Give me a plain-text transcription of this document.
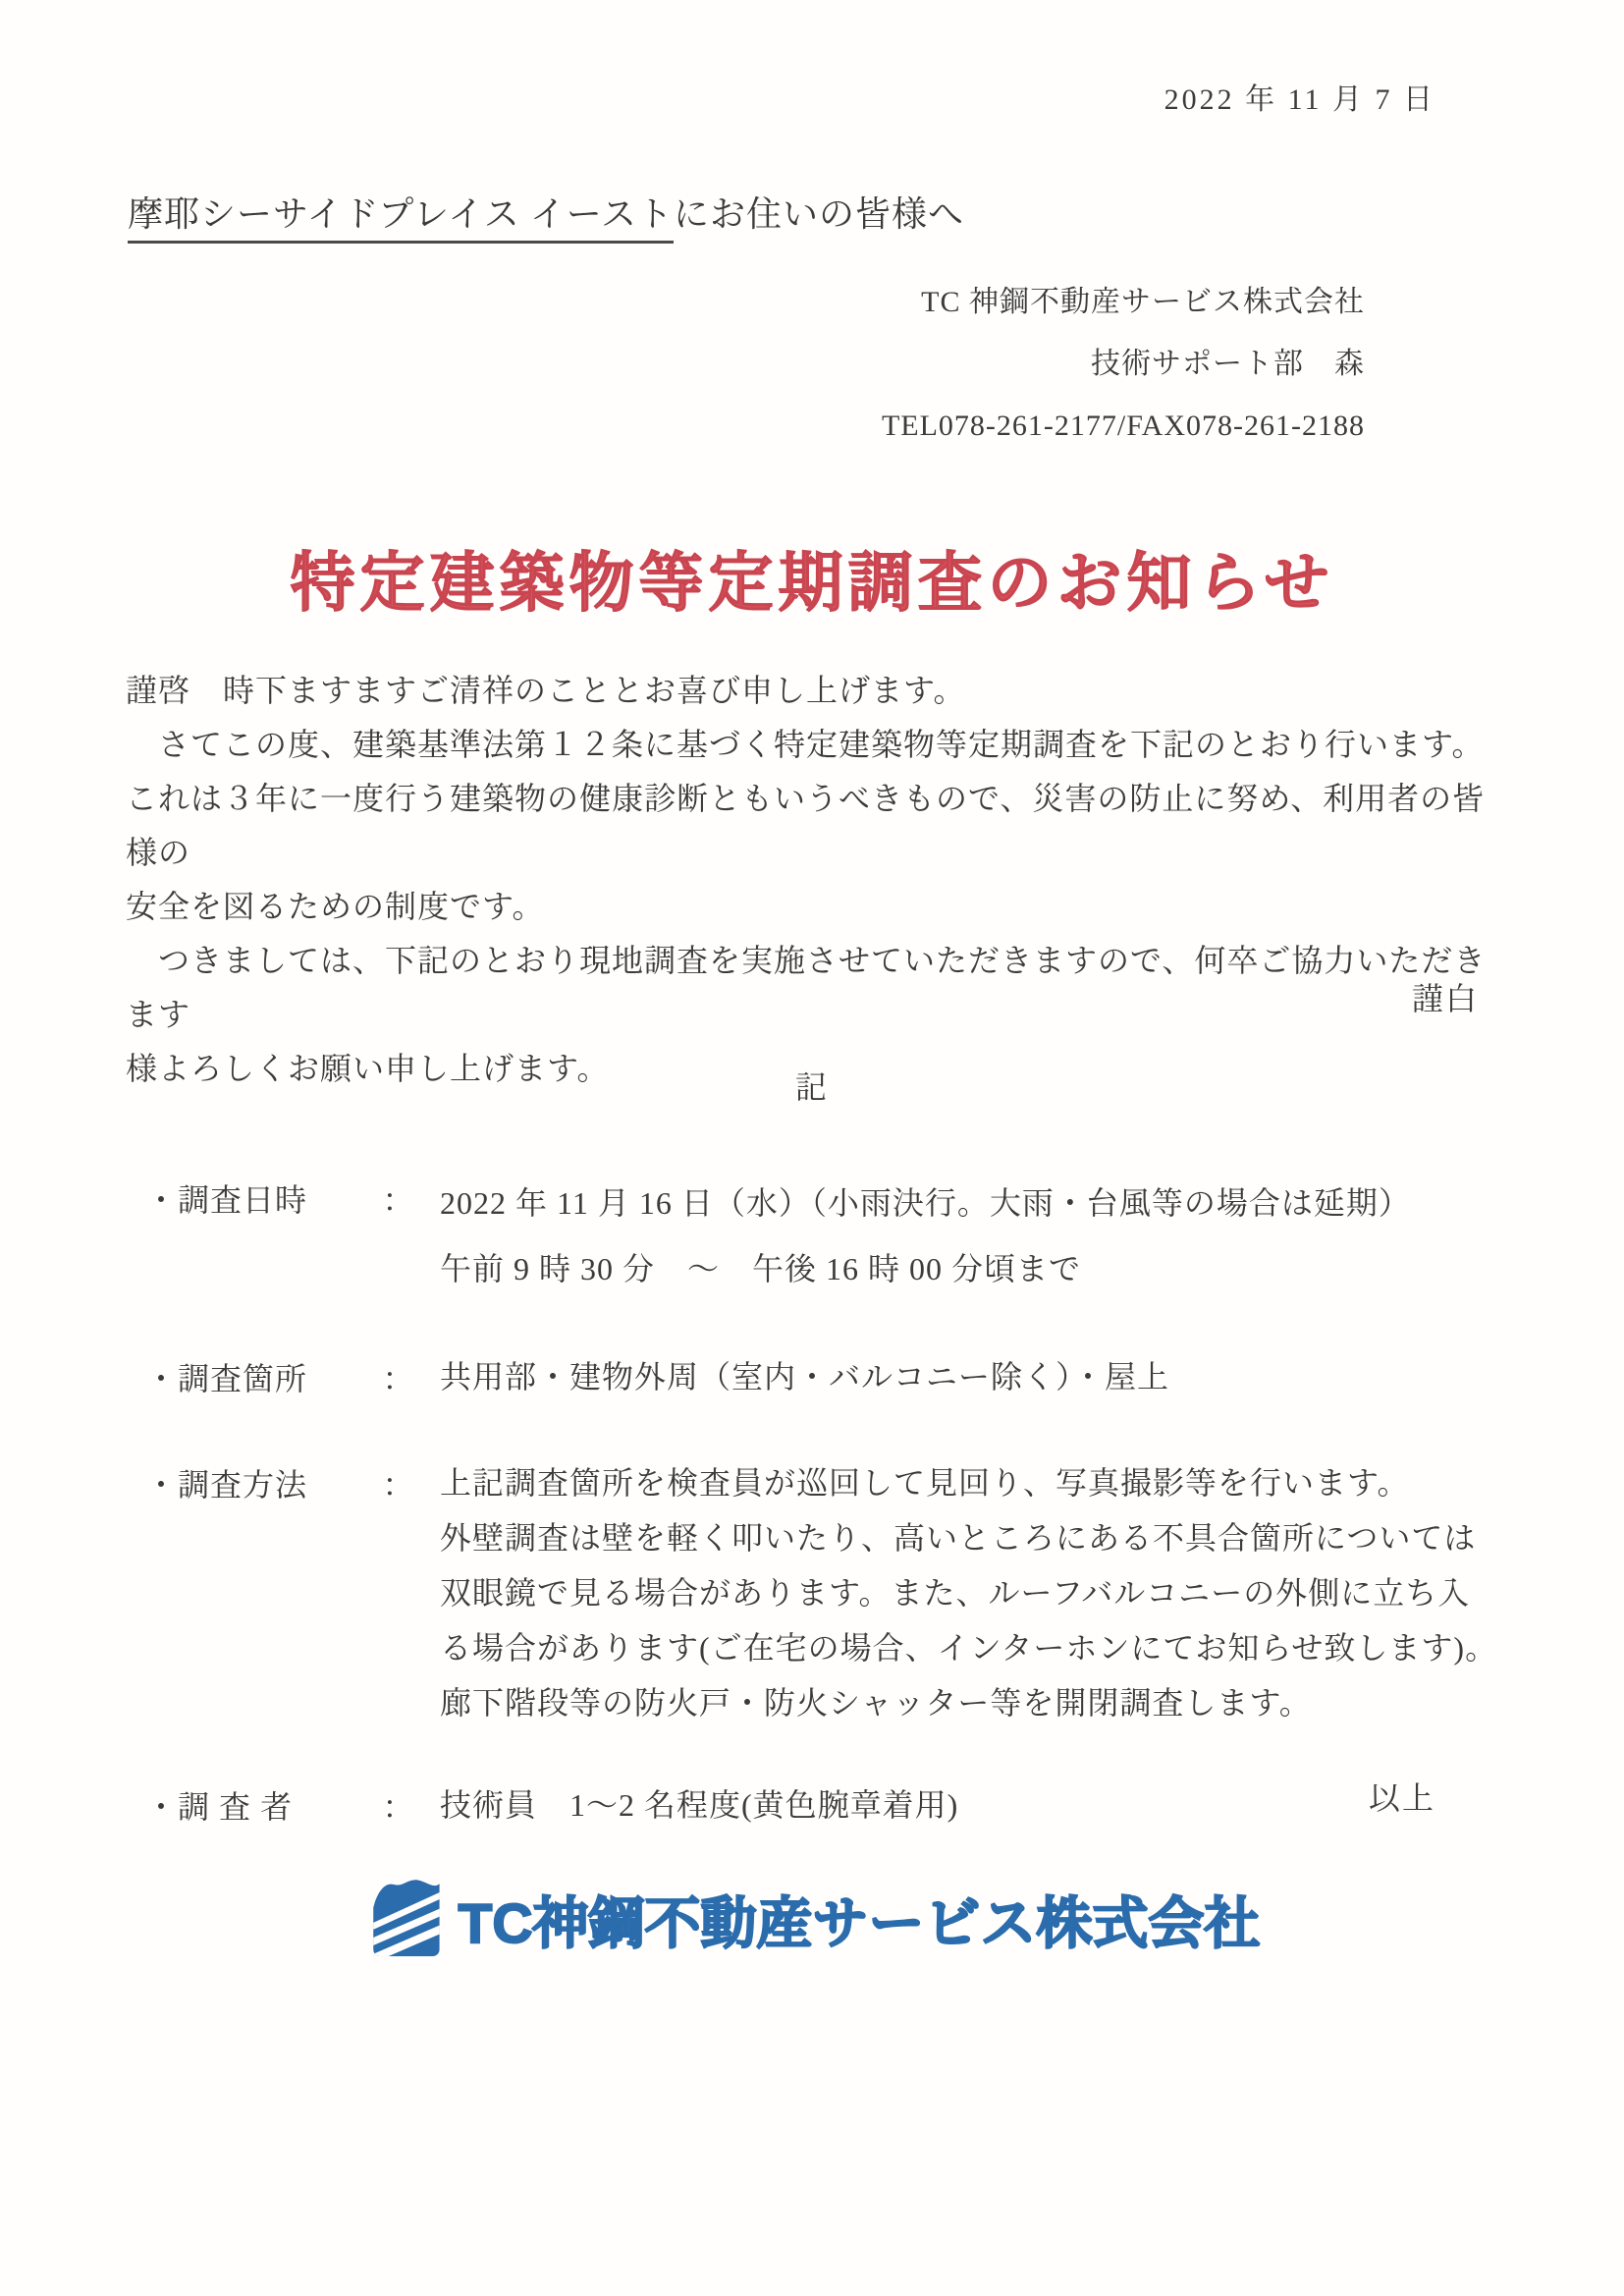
2022 年 11 月 7 日
摩耶シーサイドプレイス イーストにお住いの皆様へ
TC 神鋼不動産サービス株式会社
技術サポート部　森
TEL078-261-2177/FAX078-261-2188
特定建築物等定期調査のお知らせ
謹啓　時下ますますご清祥のこととお喜び申し上げます。
　さてこの度、建築基準法第１２条に基づく特定建築物等定期調査を下記のとおり行います。
これは３年に一度行う建築物の健康診断ともいうべきもので、災害の防止に努め、利用者の皆様の
安全を図るための制度です。
　つきましては、下記のとおり現地調査を実施させていただきますので、何卒ご協力いただきます
様よろしくお願い申し上げます。
謹白
記
・調査日時	： 2022 年 11 月 16 日（水）（小雨決行。大雨・台風等の場合は延期）
午前 9 時 30 分　～　午後 16 時 00 分頃まで
・調査箇所	： 共用部・建物外周（室内・バルコニー除く）・屋上
・調査方法	： 上記調査箇所を検査員が巡回して見回り、写真撮影等を行います。
外壁調査は壁を軽く叩いたり、高いところにある不具合箇所については
双眼鏡で見る場合があります。また、ルーフバルコニーの外側に立ち入
る場合があります(ご在宅の場合、インターホンにてお知らせ致します)。
廊下階段等の防火戸・防火シャッター等を開閉調査します。
・調 査 者	： 技術員　1～2 名程度(黄色腕章着用)	以上
TC神鋼不動産サービス株式会社
